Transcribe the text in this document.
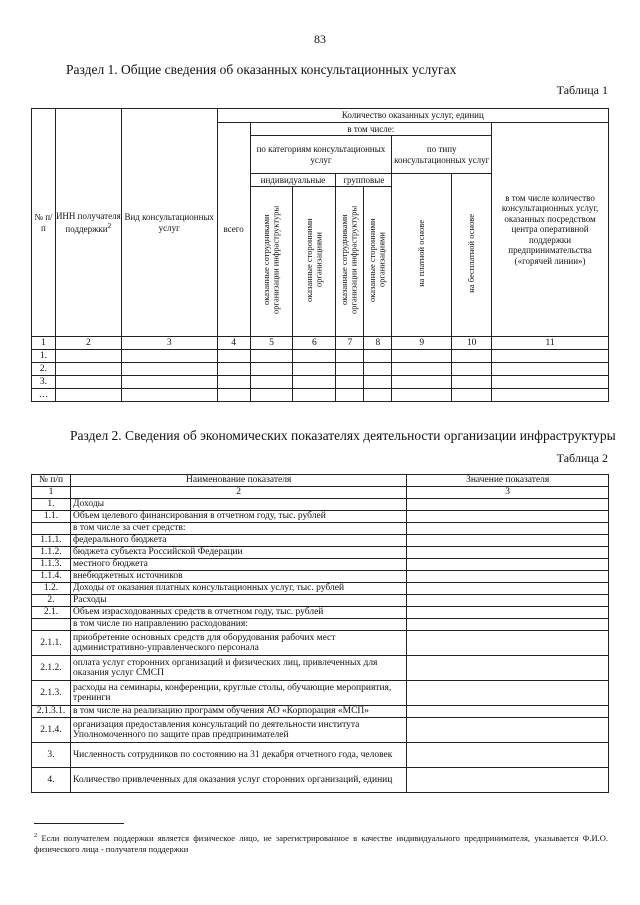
83
Раздел 1. Общие сведения об оказанных консультационных услугах
Таблица 1
№ п/п	ИНН получателя поддержки$^2$	Вид консультационных услуг	Количество оказанных услуг, единиц							
			всего	в том числе:						в том числе количество консультационных услуг, оказанных посредством центра оперативной поддержки предпринимательства («горячей линии»)
				по категориям консультационных услуг				по типу консультационных услуг		
				индивидуальные		групповые		на платной основе	на бесплатной основе	
				оказанные сотрудниками организации инфраструктуры	оказанные сторонними организациями	оказанные сотрудниками организации инфраструктуры	оказанные сторонними организациями			
1	2	3	4	5	6	7	8	9	10	11
1.										
2.										
3.										
…										
Раздел 2. Сведения об экономических показателях деятельности организации инфраструктуры
Таблица 2
№ п/п	Наименование показателя	Значение показателя
1	2	3
1.	Доходы	
1.1.	Объем целевого финансирования в отчетном году, тыс. рублей	
	в том числе за счет средств:	
1.1.1.	федерального бюджета	
1.1.2.	бюджета субъекта Российской Федерации	
1.1.3.	местного бюджета	
1.1.4.	внебюджетных источников	
1.2.	Доходы от оказания платных консультационных услуг, тыс. рублей	
2.	Расходы	
2.1.	Объем израсходованных средств в отчетном году, тыс. рублей	
	в том числе по направлению расходования:	
2.1.1.	приобретение основных средств для оборудования рабочих мест административно-управленческого персонала	
2.1.2.	оплата услуг сторонних организаций и физических лиц, привлеченных для оказания услуг СМСП	
2.1.3.	расходы на семинары, конференции, круглые столы, обучающие мероприятия, тренинги	
2.1.3.1.	в том числе на реализацию программ обучения АО «Корпорация «МСП»	
2.1.4.	организация предоставления консультаций по деятельности института Уполномоченного по защите прав предпринимателей	
3.	Численность сотрудников по состоянию на 31 декабря отчетного года, человек	
4.	Количество привлеченных для оказания услуг сторонних организаций, единиц	
$^2$ Если получателем поддержки является физическое лицо, не зарегистрированное в качестве индивидуального предпринимателя, указывается Ф.И.О. физического лица - получателя поддержки
